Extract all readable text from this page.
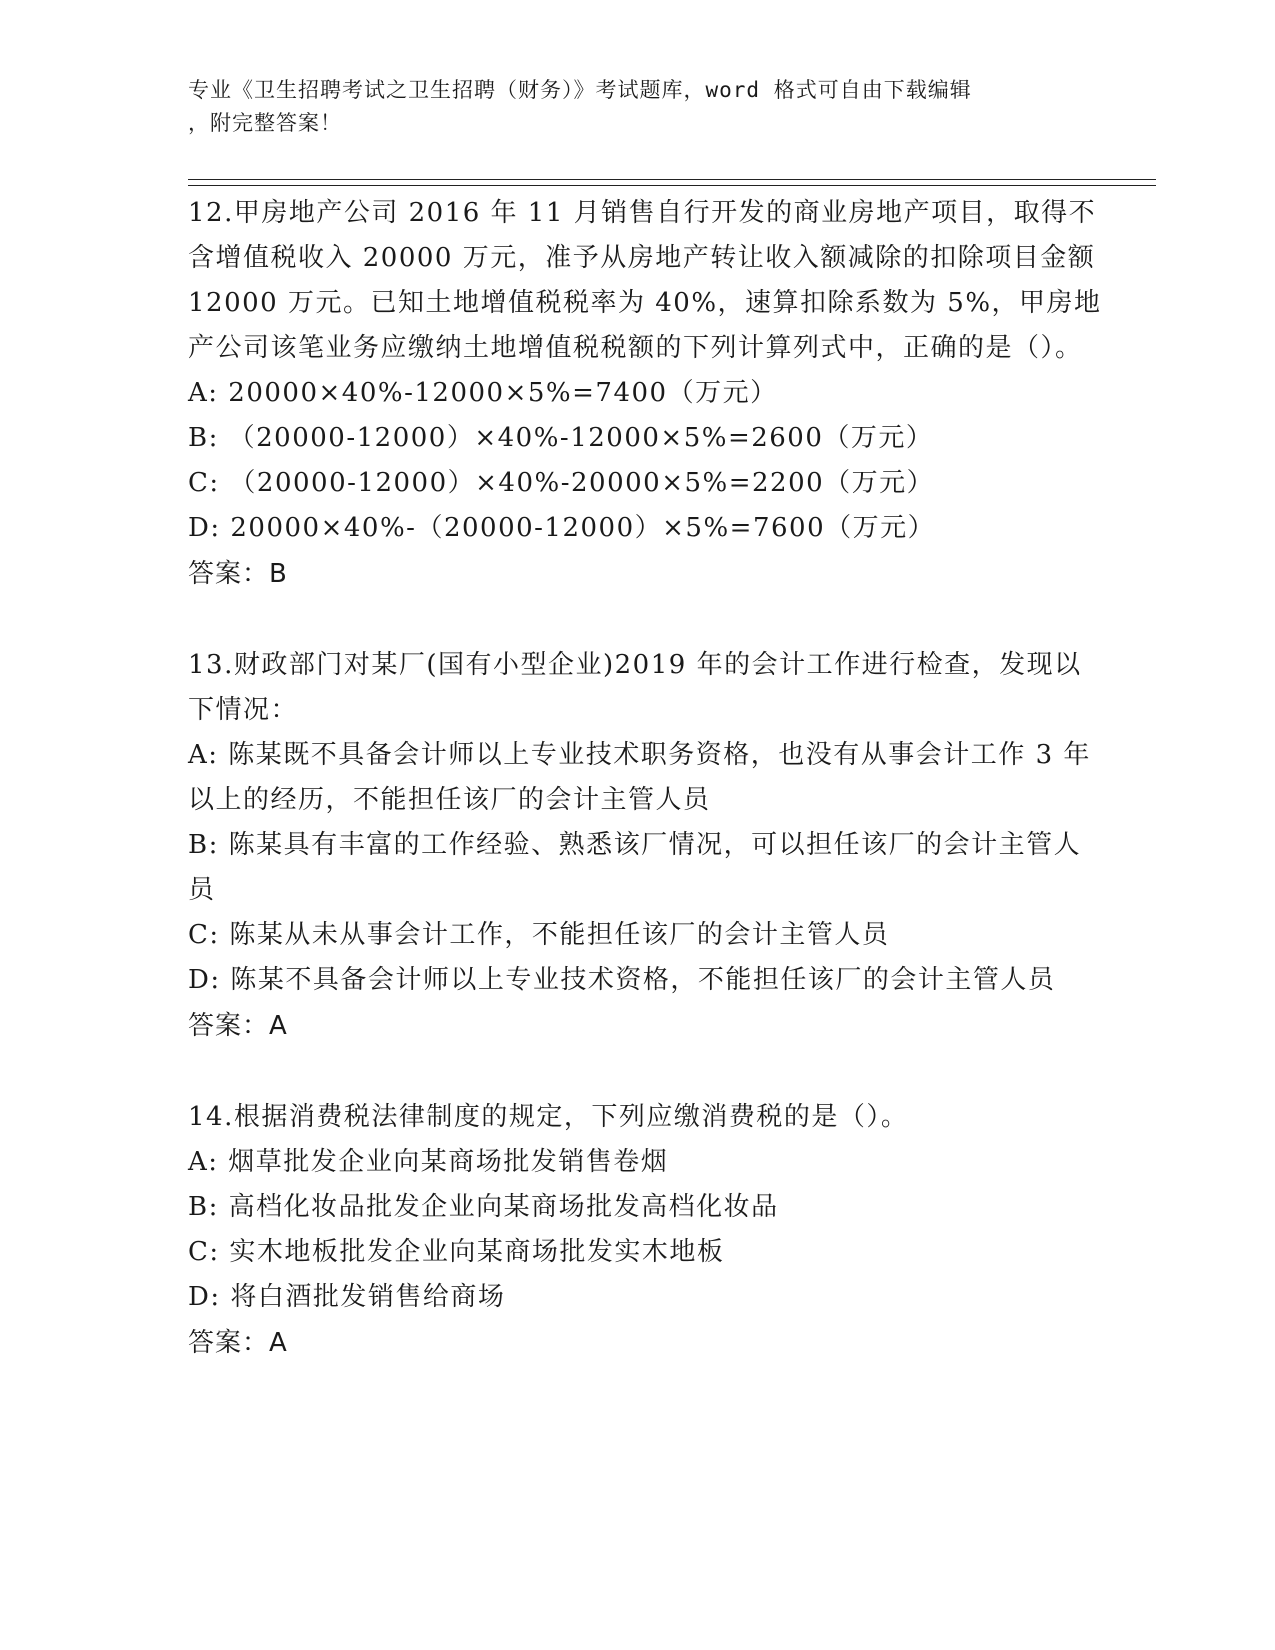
专业《卫生招聘考试之卫生招聘（财务）》考试题库，word 格式可自由下载编辑
，附完整答案！
12.甲房地产公司 2016 年 11 月销售自行开发的商业房地产项目，取得不含增值税收入 20000 万元，准予从房地产转让收入额减除的扣除项目金额 12000 万元。已知土地增值税税率为 40%，速算扣除系数为 5%，甲房地产公司该笔业务应缴纳土地增值税税额的下列计算列式中，正确的是（）。
A: 20000×40%-12000×5%=7400（万元）
B: （20000-12000）×40%-12000×5%=2600（万元）
C: （20000-12000）×40%-20000×5%=2200（万元）
D: 20000×40%-（20000-12000）×5%=7600（万元）
答案：B
13.财政部门对某厂(国有小型企业)2019 年的会计工作进行检查，发现以下情况：
A: 陈某既不具备会计师以上专业技术职务资格，也没有从事会计工作 3 年以上的经历，不能担任该厂的会计主管人员
B: 陈某具有丰富的工作经验、熟悉该厂情况，可以担任该厂的会计主管人员
C: 陈某从未从事会计工作，不能担任该厂的会计主管人员
D: 陈某不具备会计师以上专业技术资格，不能担任该厂的会计主管人员
答案：A
14.根据消费税法律制度的规定，下列应缴消费税的是（）。
A: 烟草批发企业向某商场批发销售卷烟
B: 高档化妆品批发企业向某商场批发高档化妆品
C: 实木地板批发企业向某商场批发实木地板
D: 将白酒批发销售给商场
答案：A
